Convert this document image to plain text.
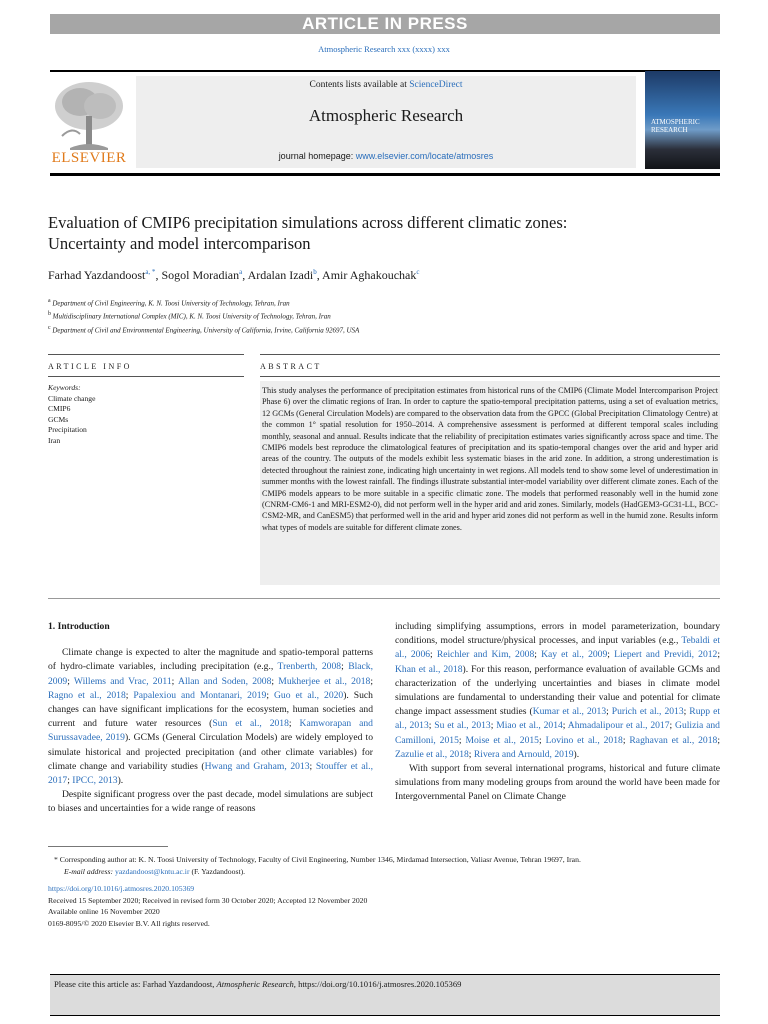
ARTICLE IN PRESS
Atmospheric Research xxx (xxxx) xxx
ELSEVIER
Contents lists available at ScienceDirect
Atmospheric Research
journal homepage: www.elsevier.com/locate/atmosres
ATMOSPHERIC RESEARCH
Evaluation of CMIP6 precipitation simulations across different climatic zones: Uncertainty and model intercomparison
Farhad Yazdandoost$^{a, *}$, Sogol Moradian$^a$, Ardalan Izadi$^b$, Amir Aghakouchak$^c$
$^a$ Department of Civil Engineering, K. N. Toosi University of Technology, Tehran, Iran
$^b$ Multidisciplinary International Complex (MIC), K. N. Toosi University of Technology, Tehran, Iran
$^c$ Department of Civil and Environmental Engineering, University of California, Irvine, California 92697, USA
ARTICLE INFO	ABSTRACT
Keywords:
Climate change
CMIP6
GCMs
Precipitation
Iran

This study analyses the performance of precipitation estimates from historical runs of the CMIP6 (Climate Model Intercomparison Project Phase 6) over the climatic regions of Iran. In order to capture the spatio-temporal precipitation patterns, using a set of evaluation metrics, 12 GCMs (General Circulation Models) are compared to the observation data from the GPCC (Global Precipitation Climatology Centre) at the common 1° spatial resolution for 1950–2014. A comprehensive assessment is performed at different temporal scales including monthly, seasonal and annual. Results indicate that the reliability of precipitation estimates varies significantly across space and time. The CMIP6 models best reproduce the climatological features of precipitation and its spatio-temporal changes over the arid and hyper arid areas of the country. The outputs of the models exhibit less systematic biases in the arid zone. In addition, a strong underestimation is detected throughout the rainiest zone, indicating high uncertainty in wet regions. All models tend to show some level of underestimation in summer months with the lowest rainfall. The findings illustrate substantial inter-model variability over different climate zones. Each of the CMIP6 models appears to be more suitable in a specific climatic zone. The models that performed reasonably well in the humid zone (CNRM-CM6-1 and MRI-ESM2-0), did not perform well in the hyper arid and arid zones. Similarly, models (HadGEM3-GC31-LL, BCC-CSM2-MR, and CanESM5) that performed well in the arid and hyper arid zones did not perform as well in the humid zone. Results inform what types of models are suitable for different climate zones.

1. Introduction

Climate change is expected to alter the magnitude and spatio-temporal patterns of hydro-climate variables, including precipitation (e.g., Trenberth, 2008; Black, 2009; Willems and Vrac, 2011; Allan and Soden, 2008; Mukherjee et al., 2018; Ragno et al., 2018; Papalexiou and Montanari, 2019; Guo et al., 2020). Such changes can have significant implications for the ecosystem, human societies and current and future water resources (Sun et al., 2018; Kamworapan and Surussavadee, 2019). GCMs (General Circulation Models) are widely employed to simulate historical and projected precipitation (and other climate variables) for climate change and variability studies (Hwang and Graham, 2013; Stouffer et al., 2017; IPCC, 2013).

Despite significant progress over the past decade, model simulations are subject to biases and uncertainties for a wide range of reasons

including simplifying assumptions, errors in model parameterization, boundary conditions, model structure/physical processes, and input variables (e.g., Tebaldi et al., 2006; Reichler and Kim, 2008; Kay et al., 2009; Liepert and Previdi, 2012; Khan et al., 2018). For this reason, performance evaluation of available GCMs and characterization of the underlying uncertainties and biases in climate model simulations are fundamental to understanding their value and potential for climate change impact assessment studies (Kumar et al., 2013; Purich et al., 2013; Rupp et al., 2013; Su et al., 2013; Miao et al., 2014; Ahmadalipour et al., 2017; Gulizia and Camilloni, 2015; Moise et al., 2015; Lovino et al., 2018; Raghavan et al., 2018; Zazulie et al., 2018; Rivera and Arnould, 2019).

With support from several international programs, historical and future climate simulations from many modeling groups from around the world have been made for Intergovernmental Panel on Climate Change

* Corresponding author at: K. N. Toosi University of Technology, Faculty of Civil Engineering, Number 1346, Mirdamad Intersection, Valiasr Avenue, Tehran 19697, Iran.

E-mail address: yazdandoost@kntu.ac.ir (F. Yazdandoost).

https://doi.org/10.1016/j.atmosres.2020.105369

Received 15 September 2020; Received in revised form 30 October 2020; Accepted 12 November 2020

Available online 16 November 2020

0169-8095/© 2020 Elsevier B.V. All rights reserved.

Please cite this article as: Farhad Yazdandoost, Atmospheric Research, https://doi.org/10.1016/j.atmosres.2020.105369
